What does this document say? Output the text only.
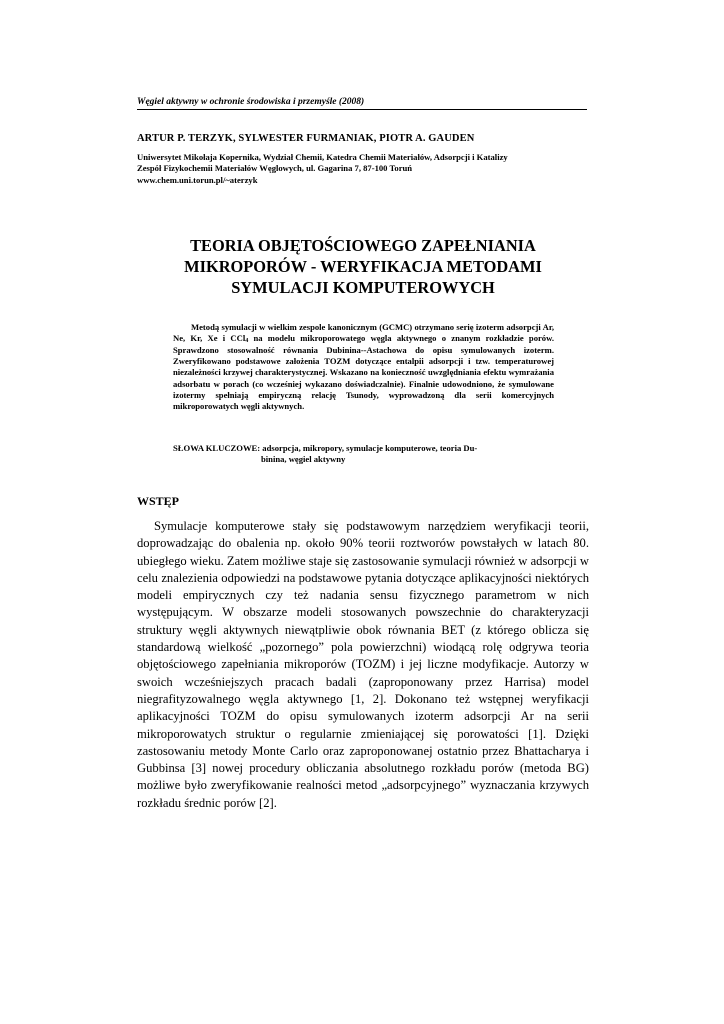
Węgiel aktywny w ochronie środowiska i przemyśle (2008)
ARTUR P. TERZYK, SYLWESTER FURMANIAK, PIOTR A. GAUDEN
Uniwersytet Mikołaja Kopernika, Wydział Chemii, Katedra Chemii Materiałów, Adsorpcji i Katalizy
Zespół Fizykochemii Materiałów Węglowych, ul. Gagarina 7, 87-100 Toruń
www.chem.uni.torun.pl/~aterzyk
TEORIA OBJĘTOŚCIOWEGO ZAPEŁNIANIA
MIKROPORÓW - WERYFIKACJA METODAMI
SYMULACJI KOMPUTEROWYCH

Metodą symulacji w wielkim zespole kanonicznym (GCMC) otrzymano serię izoterm adsorpcji Ar, Ne, Kr, Xe i CCl$_4$ na modelu mikroporowatego węgla aktywnego o znanym rozkładzie porów. Sprawdzono stosowalność równania Dubinina--Astachowa do opisu symulowanych izoterm. Zweryfikowano podstawowe założenia TOZM dotyczące entalpii adsorpcji i tzw. temperaturowej niezależności krzywej charakterystycznej. Wskazano na konieczność uwzględniania efektu wymrażania adsorbatu w porach (co wcześniej wykazano doświadczalnie). Finalnie udowodniono, że symulowane izotermy spełniają empiryczną relację Tsunody, wyprowadzoną dla serii komercyjnych mikroporowatych węgli aktywnych.

SŁOWA KLUCZOWE: adsorpcja, mikropory, symulacje komputerowe, teoria Du-
binina, węgiel aktywny
WSTĘP

Symulacje komputerowe stały się podstawowym narzędziem weryfikacji teorii, doprowadzając do obalenia np. około 90% teorii roztworów powstałych w latach 80. ubiegłego wieku. Zatem możliwe staje się zastosowanie symulacji również w adsorpcji w celu znalezienia odpowiedzi na podstawowe pytania dotyczące aplikacyjności niektórych modeli empirycznych czy też nadania sensu fizycznego parametrom w nich występującym. W obszarze modeli stosowanych powszechnie do charakteryzacji struktury węgli aktywnych niewątpliwie obok równania BET (z którego oblicza się standardową wielkość „pozornego” pola powierzchni) wiodącą rolę odgrywa teoria objętościowego zapełniania mikroporów (TOZM) i jej liczne modyfikacje. Autorzy w swoich wcześniejszych pracach badali (zaproponowany przez Harrisa) model niegrafityzowalnego węgla aktywnego [1, 2]. Dokonano też wstępnej weryfikacji aplikacyjności TOZM do opisu symulowanych izoterm adsorpcji Ar na serii mikroporowatych struktur o regularnie zmieniającej się porowatości [1]. Dzięki zastosowaniu metody Monte Carlo oraz zaproponowanej ostatnio przez Bhattacharya i Gubbinsa [3] nowej procedury obliczania absolutnego rozkładu porów (metoda BG) możliwe było zweryfikowanie realności metod „adsorpcyjnego” wyznaczania krzywych rozkładu średnic porów [2].
